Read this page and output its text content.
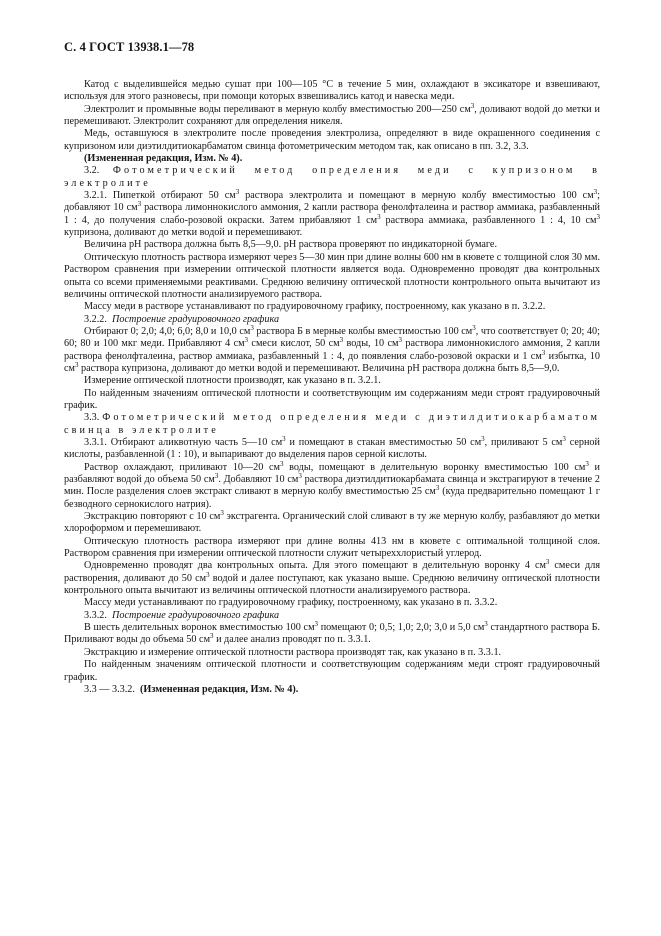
С. 4 ГОСТ 13938.1—78

Катод с выделившейся медью сушат при 100—105 °С в течение 5 мин, охлаждают в эксикаторе и взвешивают, используя для этого разновесы, при помощи которых взвешивались катод и навеска меди.

Электролит и промывные воды переливают в мерную колбу вместимостью 200—250 $см^3$, доливают водой до метки и перемешивают. Электролит сохраняют для определения никеля.

Медь, оставшуюся в электролите после проведения электролиза, определяют в виде окрашенного соединения с купризоном или диэтилдитиокарбаматом свинца фотометрическим методом так, как описано в пп. 3.2, 3.3.

(Измененная редакция, Изм. № 4).

3.2. Фотометрический метод определения меди с купризоном в электролите

3.2.1. Пипеткой отбирают 50 $см^3$ раствора электролита и помещают в мерную колбу вместимостью 100 $см^3$; добавляют 10 $см^3$ раствора лимоннокислого аммония, 2 капли раствора фенолфталеина и раствор аммиака, разбавленный 1 : 4, до получения слабо-розовой окраски. Затем прибавляют 1 $см^3$ раствора аммиака, разбавленного 1 : 4, 10 $см^3$ купризона, доливают до метки водой и перемешивают.

Величина рН раствора должна быть 8,5—9,0. рН раствора проверяют по индикаторной бумаге.

Оптическую плотность раствора измеряют через 5—30 мин при длине волны 600 нм в кювете с толщиной слоя 30 мм. Раствором сравнения при измерении оптической плотности является вода. Одновременно проводят два контрольных опыта со всеми применяемыми реактивами. Среднюю величину оптической плотности контрольного опыта вычитают из величины оптической плотности анализируемого раствора.

Массу меди в растворе устанавливают по градуировочному графику, построенному, как указано в п. 3.2.2.

3.2.2. Построение градуировочного графика

Отбирают 0; 2,0; 4,0; 6,0; 8,0 и 10,0 $см^3$ раствора Б в мерные колбы вместимостью 100 $см^3$, что соответствует 0; 20; 40; 60; 80 и 100 мкг меди. Прибавляют 4 $см^3$ смеси кислот, 50 $см^3$ воды, 10 $см^3$ раствора лимоннокислого аммония, 2 капли раствора фенолфталеина, раствор аммиака, разбавленный 1 : 4, до появления слабо-розовой окраски и 1 $см^3$ избытка, 10 $см^3$ раствора купризона, доливают до метки водой и перемешивают. Величина рН раствора должна быть 8,5—9,0.

Измерение оптической плотности производят, как указано в п. 3.2.1.

По найденным значениям оптической плотности и соответствующим им содержаниям меди строят градуировочный график.

3.3. Фотометрический метод определения меди с диэтилдитиокарбаматом свинца в электролите

3.3.1. Отбирают аликвотную часть 5—10 $см^3$ и помещают в стакан вместимостью 50 $см^3$, приливают 5 $см^3$ серной кислоты, разбавленной (1 : 10), и выпаривают до выделения паров серной кислоты.

Раствор охлаждают, приливают 10—20 $см^3$ воды, помещают в делительную воронку вместимостью 100 $см^3$ и разбавляют водой до объема 50 $см^3$. Добавляют 10 $см^3$ раствора диэтилдитиокарбамата свинца и экстрагируют в течение 2 мин. После разделения слоев экстракт сливают в мерную колбу вместимостью 25 $см^3$ (куда предварительно помещают 1 г безводного сернокислого натрия).

Экстракцию повторяют с 10 $см^3$ экстрагента. Органический слой сливают в ту же мерную колбу, разбавляют до метки хлороформом и перемешивают.

Оптическую плотность раствора измеряют при длине волны 413 нм в кювете с оптимальной толщиной слоя. Раствором сравнения при измерении оптической плотности служит четыреххлористый углерод.

Одновременно проводят два контрольных опыта. Для этого помещают в делительную воронку 4 $см^3$ смеси для растворения, доливают до 50 $см^3$ водой и далее поступают, как указано выше. Среднюю величину оптической плотности контрольного опыта вычитают из величины оптической плотности анализируемого раствора.

Массу меди устанавливают по градуировочному графику, построенному, как указано в п. 3.3.2.

3.3.2. Построение градуировочного графика

В шесть делительных воронок вместимостью 100 $см^3$ помещают 0; 0,5; 1,0; 2,0; 3,0 и 5,0 $см^3$ стандартного раствора Б. Приливают воды до объема 50 $см^3$ и далее анализ проводят по п. 3.3.1.

Экстракцию и измерение оптической плотности раствора производят так, как указано в п. 3.3.1.

По найденным значениям оптической плотности и соответствующим содержаниям меди строят градуировочный график.

3.3 — 3.3.2. (Измененная редакция, Изм. № 4).
